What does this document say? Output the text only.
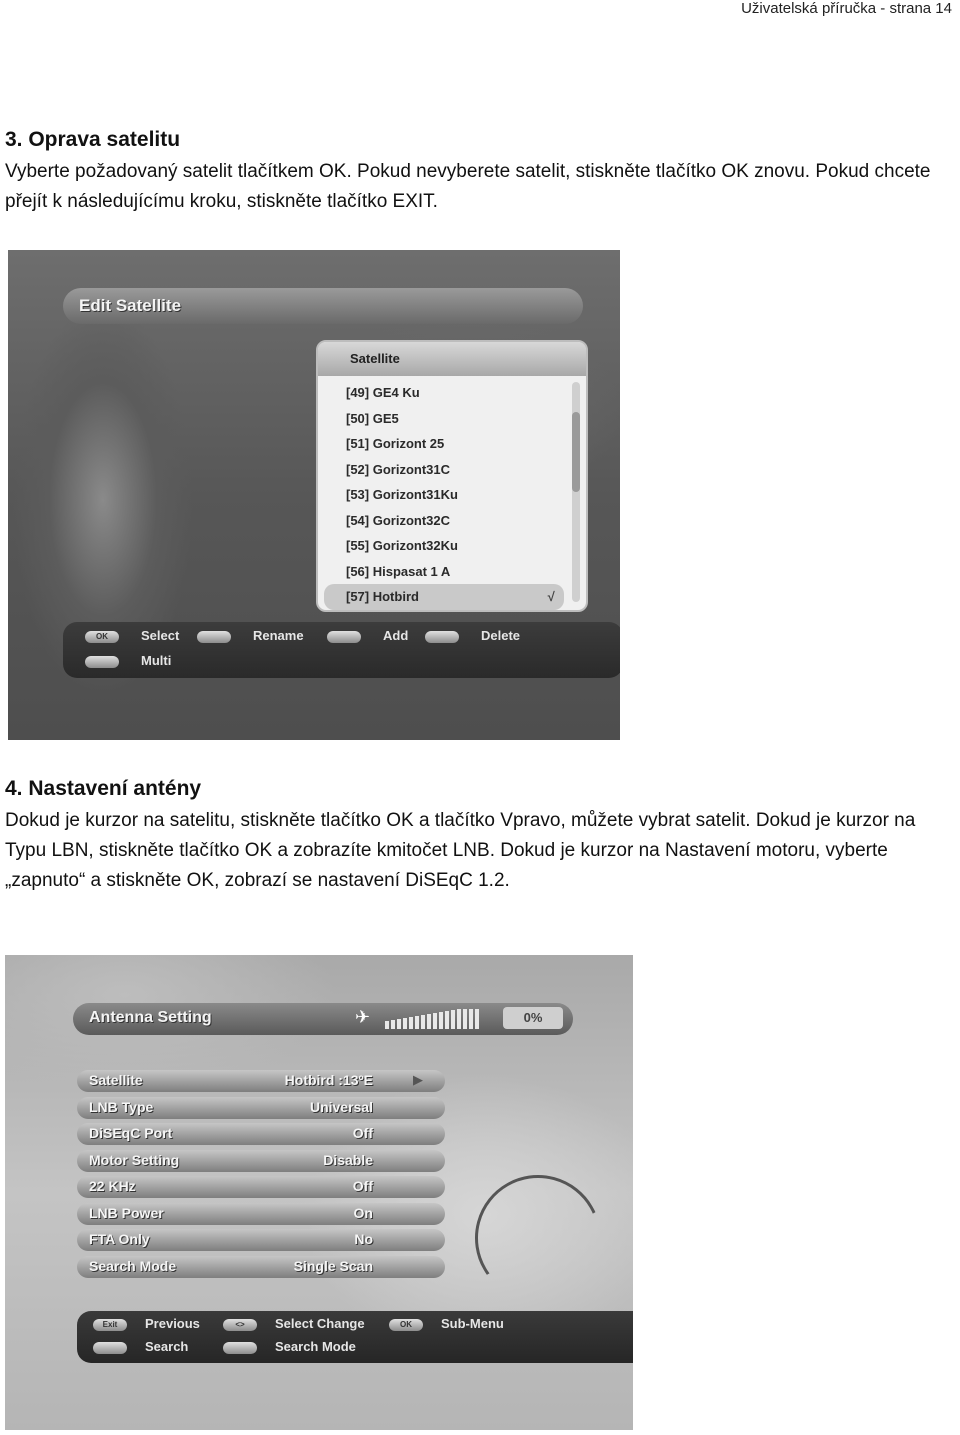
Uživatelská příručka - strana 14
3. Oprava satelitu

Vyberte požadovaný satelit tlačítkem OK. Pokud nevyberete satelit, stiskněte tlačítko OK znovu. Pokud chcete přejít k následujícímu kroku, stiskněte tlačítko EXIT.

Edit Satellite
Satellite
[49] GE4 Ku
[50] GE5
[51] Gorizont 25
[52] Gorizont31C
[53] Gorizont31Ku
[54] Gorizont32C
[55] Gorizont32Ku
[56] Hispasat 1 A
[57] Hotbird	√
OK	Select	Rename	Add	Delete
Multi
4. Nastavení antény

Dokud je kurzor na satelitu, stiskněte tlačítko OK a tlačítko Vpravo, můžete vybrat satelit. Dokud je kurzor na Typu LBN, stiskněte tlačítko OK a zobrazíte kmitočet LNB. Dokud je kurzor na Nastavení motoru, vyberte „zapnuto“ a stiskněte OK, zobrazí se nastavení DiSEqC 1.2.

Antenna Setting	✈	0%
Satellite	Hotbird :13ºE	▶
LNB Type	Universal
DiSEqC Port	Off
Motor Setting	Disable
22 KHz	Off
LNB Power	On
FTA Only	No
Search Mode	Single Scan
Exit	Previous	<>	Select Change	OK	Sub-Menu
Search	Search Mode
